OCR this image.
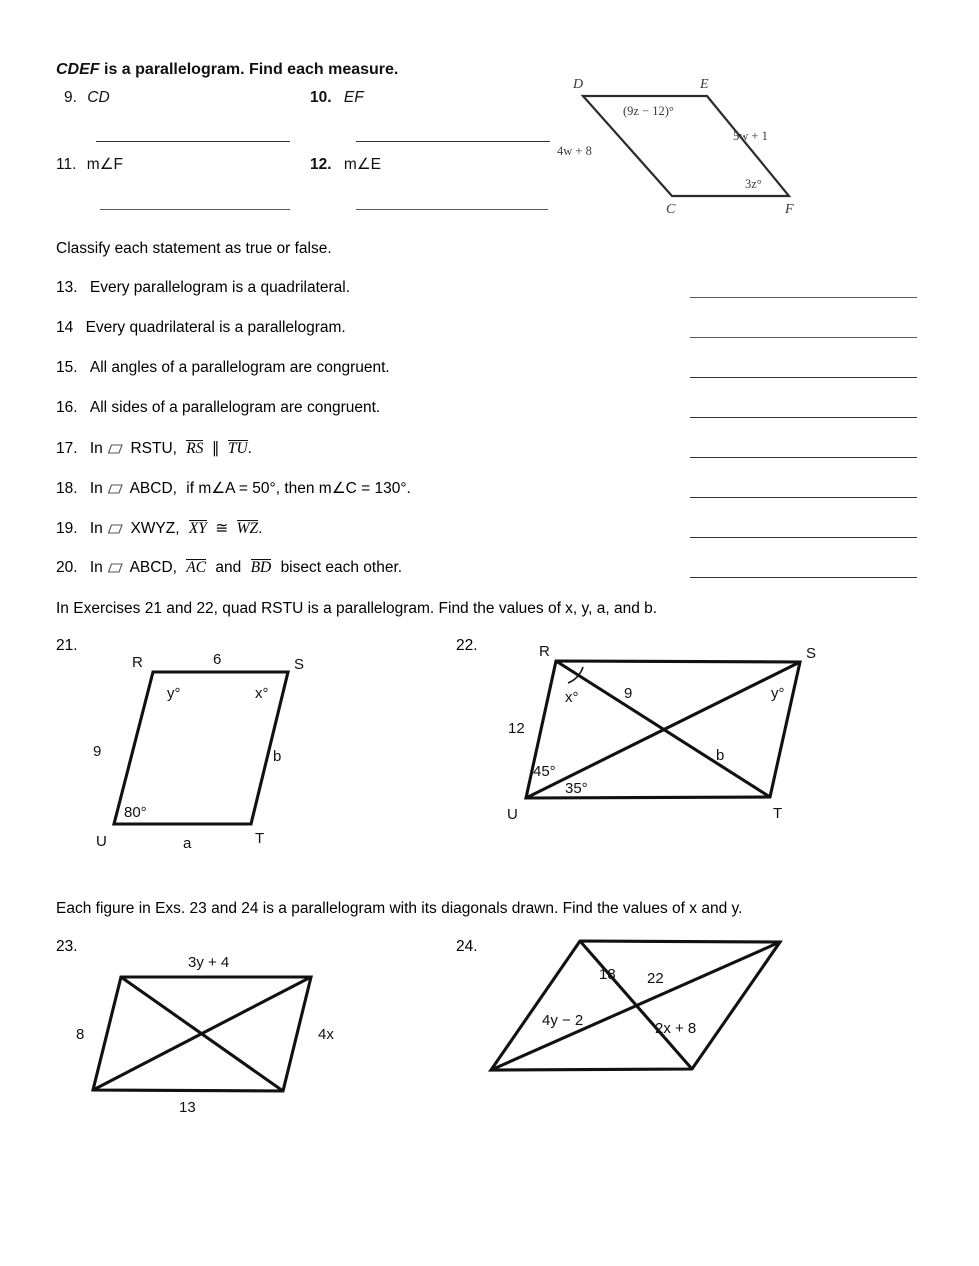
CDEF is a parallelogram. Find each measure.
9. CD	10. EF
11. m∠F	12. m∠E
D	E
C	F
(9z − 12)°
5w + 1
4w + 8
3z°
Classify each statement as true or false.
13. Every parallelogram is a quadrilateral.
14 Every quadrilateral is a parallelogram.
15. All angles of a parallelogram are congruent.
16. All sides of a parallelogram are congruent.
17. In RSTU, RS ∥ TU.
18. In ABCD, if m∠A = 50°, then m∠C = 130°.
19. In XWYZ, XY ≅ WZ.
20. In ABCD, AC and BD bisect each other.
In Exercises 21 and 22, quad RSTU is a parallelogram. Find the values of x, y, a, and b.
21.
R	S
T
U
6
9	b
a
y°	x°
80°
22.	R	S
T
U
12
9
b
x°	y°
45°
35°
Each figure in Exs. 23 and 24 is a parallelogram with its diagonals drawn. Find the values of x and y.
23.
3y + 4
8	4x
13
24.
18 22
4y − 2	2x + 8
